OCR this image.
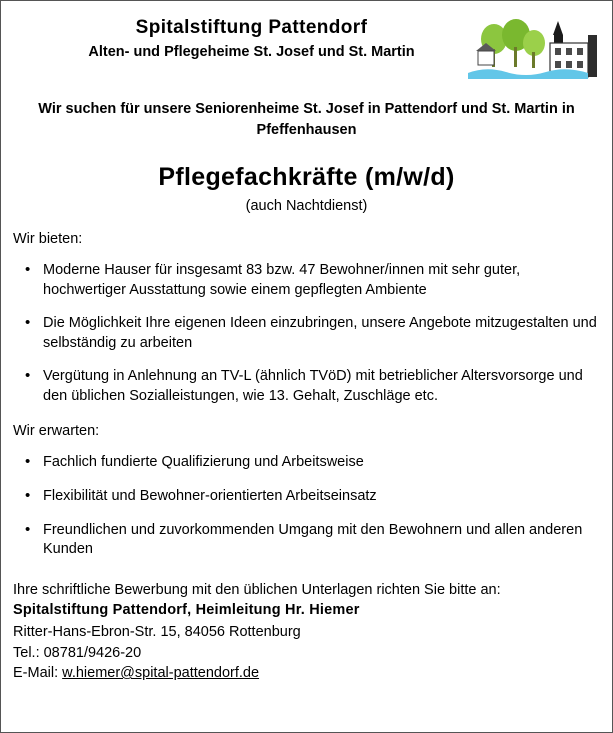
Spitalstiftung Pattendorf
Alten- und Pflegeheime St. Josef und St. Martin
Wir suchen für unsere Seniorenheime St. Josef in Pattendorf und St. Martin in Pfeffenhausen
Pflegefachkräfte (m/w/d)
(auch Nachtdienst)
Wir bieten:
• Moderne Hauser für insgesamt 83 bzw. 47 Bewohner/innen mit sehr guter, hochwertiger Ausstattung sowie einem gepflegten Ambiente
• Die Möglichkeit Ihre eigenen Ideen einzubringen, unsere Angebote mitzugestalten und selbständig zu arbeiten
• Vergütung in Anlehnung an TV-L (ähnlich TVöD) mit betrieblicher Altersvorsorge und den üblichen Sozialleistungen, wie 13. Gehalt, Zuschläge etc.
Wir erwarten:
• Fachlich fundierte Qualifizierung und Arbeitsweise
• Flexibilität und Bewohner-orientierten Arbeitseinsatz
• Freundlichen und zuvorkommenden Umgang mit den Bewohnern und allen anderen Kunden
Ihre schriftliche Bewerbung mit den üblichen Unterlagen richten Sie bitte an:
Spitalstiftung Pattendorf, Heimleitung Hr. Hiemer
Ritter-Hans-Ebron-Str. 15, 84056 Rottenburg
Tel.: 08781/9426-20
E-Mail: w.hiemer@spital-pattendorf.de
